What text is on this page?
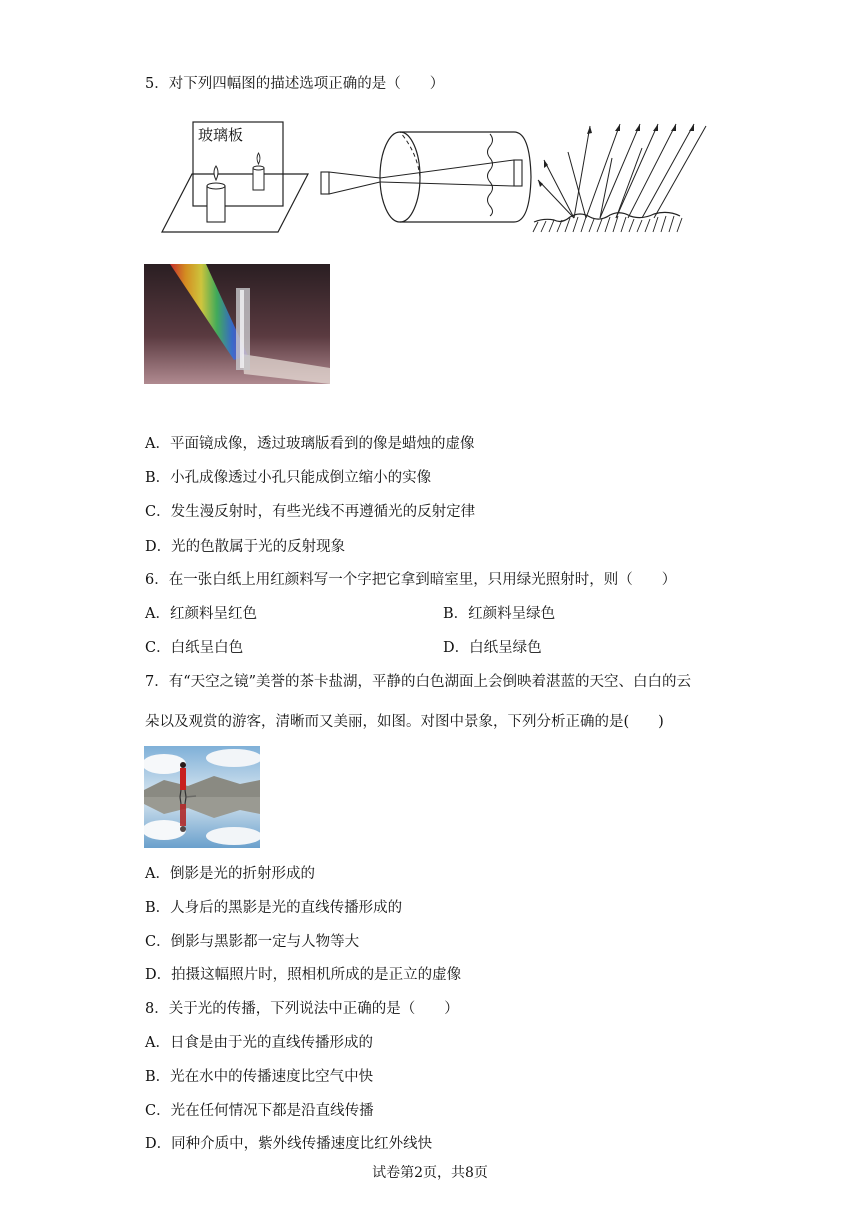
5．对下列四幅图的描述选项正确的是（　　）
玻璃板
A．平面镜成像，透过玻璃版看到的像是蜡烛的虚像
B．小孔成像透过小孔只能成倒立缩小的实像
C．发生漫反射时，有些光线不再遵循光的反射定律
D．光的色散属于光的反射现象
6．在一张白纸上用红颜料写一个字把它拿到暗室里，只用绿光照射时，则（　　）
A．红颜料呈红色	B．红颜料呈绿色
C．白纸呈白色	D．白纸呈绿色
7．有“天空之镜”美誉的茶卡盐湖，平静的白色湖面上会倒映着湛蓝的天空、白白的云
朵以及观赏的游客，清晰而又美丽，如图。对图中景象，下列分析正确的是(　　)
A．倒影是光的折射形成的
B．人身后的黑影是光的直线传播形成的
C．倒影与黑影都一定与人物等大
D．拍摄这幅照片时，照相机所成的是正立的虚像
8．关于光的传播，下列说法中正确的是（　　）
A．日食是由于光的直线传播形成的
B．光在水中的传播速度比空气中快
C．光在任何情况下都是沿直线传播
D．同种介质中，紫外线传播速度比红外线快
试卷第2页，共8页
